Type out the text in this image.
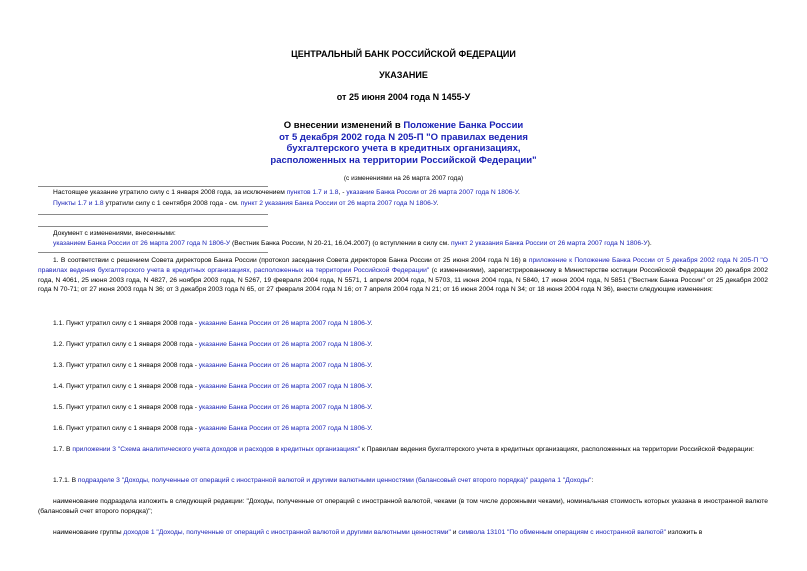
ЦЕНТРАЛЬНЫЙ БАНК РОССИЙСКОЙ ФЕДЕРАЦИИ
УКАЗАНИЕ
от 25 июня 2004 года N 1455-У
О внесении изменений в Положение Банка России
от 5 декабря 2002 года N 205-П "О правилах ведения
бухгалтерского учета в кредитных организациях,
расположенных на территории Российской Федерации"
(с изменениями на 26 марта 2007 года)
Настоящее указание утратило силу с 1 января 2008 года, за исключением пунктов 1.7 и 1.8, - указание Банка России от 26 марта 2007 года N 1806-У.
Пункты 1.7 и 1.8 утратили силу с 1 сентября 2008 года - см. пункт 2 указания Банка России от 26 марта 2007 года N 1806-У.
Документ с изменениями, внесенными:
указанием Банка России от 26 марта 2007 года N 1806-У (Вестник Банка России, N 20-21, 16.04.2007) (о вступлении в силу см. пункт 2 указания Банка России от 26 марта 2007 года N 1806-У).
1. В соответствии с решением Совета директоров Банка России (протокол заседания Совета директоров Банка России от 25 июня 2004 года N 16) в приложение к Положение Банка России от 5 декабря 2002 года N 205-П "О правилах ведения бухгалтерского учета в кредитных организациях, расположенных на территории Российской Федерации" (с изменениями), зарегистрированному в Министерстве юстиции Российской Федерации 20 декабря 2002 года, N 4061, 25 июня 2003 года, N 4827, 26 ноября 2003 года, N 5267, 19 февраля 2004 года, N 5571, 1 апреля 2004 года, N 5703, 11 июня 2004 года, N 5840, 17 июня 2004 года, N 5851 ("Вестник Банка России" от 25 декабря 2002 года N 70-71; от 27 июня 2003 года N 36; от 3 декабря 2003 года N 65, от 27 февраля 2004 года N 16; от 7 апреля 2004 года N 21; от 16 июня 2004 года N 34; от 18 июня 2004 года N 36), внести следующие изменения:
1.1. Пункт утратил силу с 1 января 2008 года - указание Банка России от 26 марта 2007 года N 1806-У.
1.2. Пункт утратил силу с 1 января 2008 года - указание Банка России от 26 марта 2007 года N 1806-У.
1.3. Пункт утратил силу с 1 января 2008 года - указание Банка России от 26 марта 2007 года N 1806-У.
1.4. Пункт утратил силу с 1 января 2008 года - указание Банка России от 26 марта 2007 года N 1806-У.
1.5. Пункт утратил силу с 1 января 2008 года - указание Банка России от 26 марта 2007 года N 1806-У.
1.6. Пункт утратил силу с 1 января 2008 года - указание Банка России от 26 марта 2007 года N 1806-У.
1.7. В приложении 3 "Схема аналитического учета доходов и расходов в кредитных организациях" к Правилам ведения бухгалтерского учета в кредитных организациях, расположенных на территории Российской Федерации:
1.7.1. В подразделе 3 "Доходы, полученные от операций с иностранной валютой и другими валютными ценностями (балансовый счет второго порядка)" раздела 1 "Доходы":
наименование подраздела изложить в следующей редакции: "Доходы, полученные от операций с иностранной валютой, чеками (в том числе дорожными чеками), номинальная стоимость которых указана в иностранной валюте (балансовый счет второго порядка)";
наименование группы доходов 1 "Доходы, полученные от операций с иностранной валютой и другими валютными ценностями" и символа 13101 "По обменным операциям с иностранной валютой" изложить в
